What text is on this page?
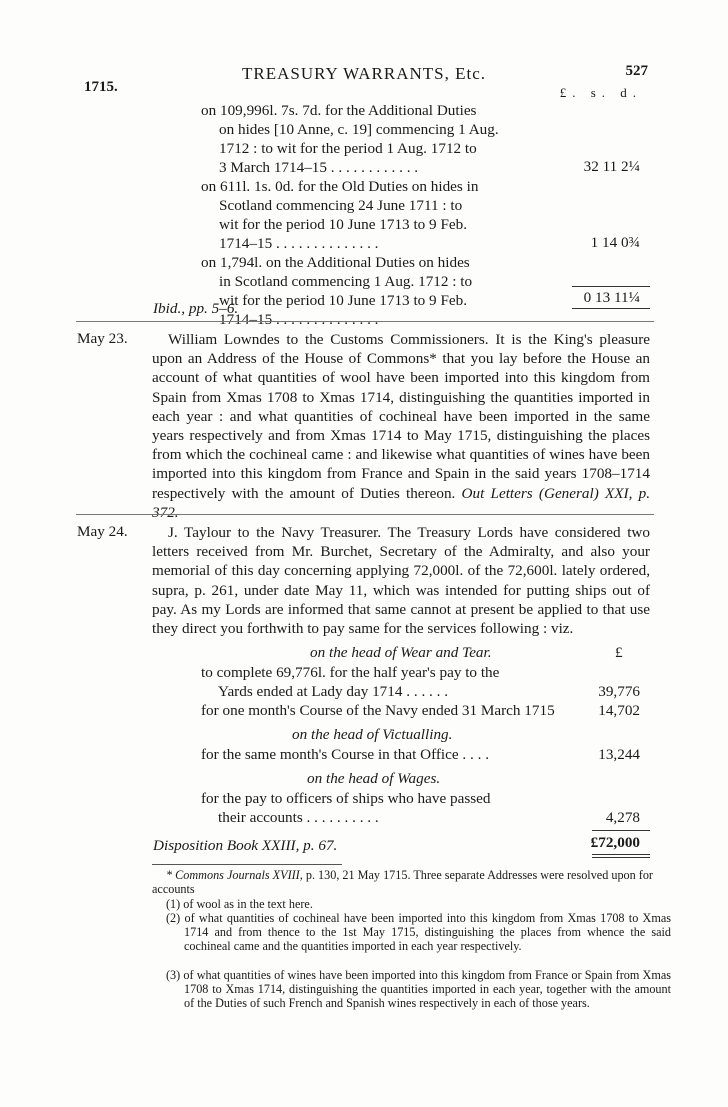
TREASURY WARRANTS, Etc.
1715.
527
£. s. d.
on 109,996l. 7s. 7d. for the Additional Duties
on hides [10 Anne, c. 19] commencing 1 Aug.
1712 : to wit for the period 1 Aug. 1712 to
3 March 1714–15 . . . . . . . . . . . .	32 11 2¼
on 611l. 1s. 0d. for the Old Duties on hides in
Scotland commencing 24 June 1711 : to
wit for the period 10 June 1713 to 9 Feb.
1714–15 . . . . . . . . . . . . . .	1 14 0¾
on 1,794l. on the Additional Duties on hides
in Scotland commencing 1 Aug. 1712 : to
wit for the period 10 June 1713 to 9 Feb.
1714–15 . . . . . . . . . . . . . .
0 13 11¼
Ibid., pp. 5–6.
May 23.	William Lowndes to the Customs Commissioners. It is the King's pleasure upon an Address of the House of Commons* that you lay before the House an account of what quantities of wool have been imported into this kingdom from Spain from Xmas 1708 to Xmas 1714, distinguishing the quantities imported in each year : and what quantities of cochineal have been imported in the same years respectively and from Xmas 1714 to May 1715, distinguishing the places from which the cochineal came : and likewise what quantities of wines have been imported into this kingdom from France and Spain in the said years 1708–1714 respectively with the amount of Duties thereon. Out Letters (General) XXI, p. 372.
May 24.	J. Taylour to the Navy Treasurer. The Treasury Lords have considered two letters received from Mr. Burchet, Secretary of the Admiralty, and also your memorial of this day concerning applying 72,000l. of the 72,600l. lately ordered, supra, p. 261, under date May 11, which was intended for putting ships out of pay. As my Lords are informed that same cannot at present be applied to that use they direct you forthwith to pay same for the services following : viz.
on the head of Wear and Tear.	£
to complete 69,776l. for the half year's pay to the
Yards ended at Lady day 1714 . . . . . .	39,776
for one month's Course of the Navy ended 31 March 1715	14,702
on the head of Victualling.
for the same month's Course in that Office . . . .	13,244
on the head of Wages.
for the pay to officers of ships who have passed
their accounts . . . . . . . . . .	4,278
£72,000
Disposition Book XXIII, p. 67.
* Commons Journals XVIII, p. 130, 21 May 1715. Three separate Addresses were resolved upon for accounts
(1) of wool as in the text here.
(2) of what quantities of cochineal have been imported into this kingdom from Xmas 1708 to Xmas 1714 and from thence to the 1st May 1715, distinguishing the places from whence the said cochineal came and the quantities imported in each year respectively.
(3) of what quantities of wines have been imported into this kingdom from France or Spain from Xmas 1708 to Xmas 1714, distinguishing the quantities imported in each year, together with the amount of the Duties of such French and Spanish wines respectively in each of those years.
